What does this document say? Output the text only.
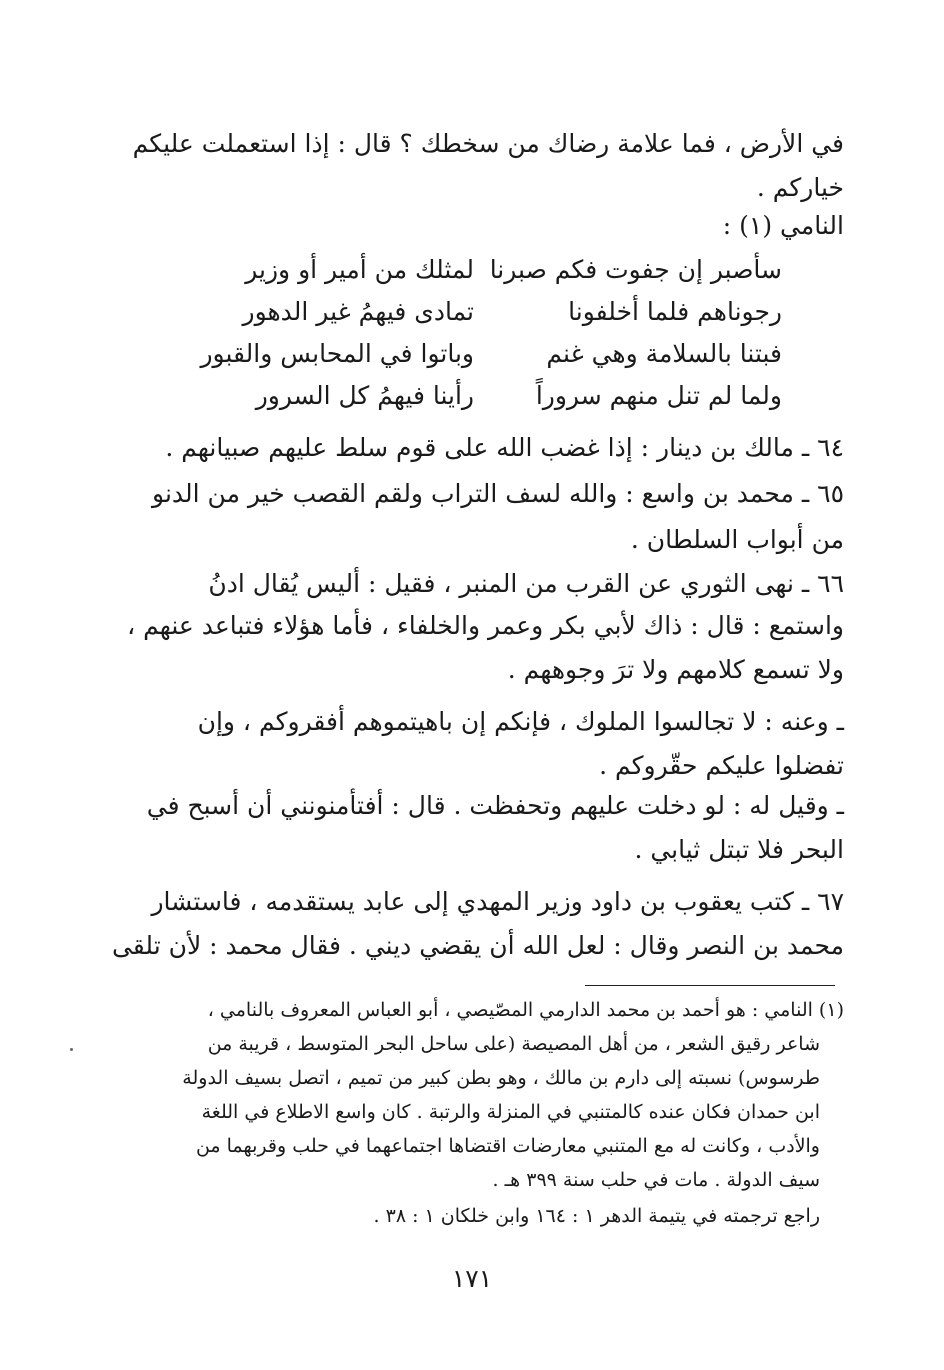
في الأرض ، فما علامة رضاك من سخطك ؟ قال : إذا استعملت عليكم
خياركم .
النامي (١) :
٦٤ ـ مالك بن دينار : إذا غضب الله على قوم سلط عليهم صبيانهم .
٦٥ ـ محمد بن واسع : والله لسف التراب ولقم القصب خير من الدنو
من أبواب السلطان .
٦٦ ـ نهى الثوري عن القرب من المنبر ، فقيل : أليس يُقال ادنُ
واستمع : قال : ذاك لأبي بكر وعمر والخلفاء ، فأما هؤلاء فتباعد عنهم ،
ولا تسمع كلامهم ولا ترَ وجوههم .
ـ وعنه : لا تجالسوا الملوك ، فإنكم إن باهيتموهم أفقروكم ، وإن
تفضلوا عليكم حقّروكم .
ـ وقيل له : لو دخلت عليهم وتحفظت . قال : أفتأمنونني أن أسبح في
البحر فلا تبتل ثيابي .
٦٧ ـ كتب يعقوب بن داود وزير المهدي إلى عابد يستقدمه ، فاستشار
محمد بن النصر وقال : لعل الله أن يقضي ديني . فقال محمد : لأن تلقى
سأصبر إن جفوت فكم صبرنا
لمثلك من أمير أو وزير
رجوناهم فلما أخلفونا
تمادى فيهمُ غير الدهور
فبتنا بالسلامة وهي غنم
وباتوا في المحابس والقبور
ولما لم تنل منهم سروراً
رأينا فيهمُ كل السرور
(١) النامي : هو أحمد بن محمد الدارمي المصّيصي ، أبو العباس المعروف بالنامي ،
شاعر رقيق الشعر ، من أهل المصيصة (على ساحل البحر المتوسط ، قريبة من
طرسوس) نسبته إلى دارم بن مالك ، وهو بطن كبير من تميم ، اتصل بسيف الدولة
ابن حمدان فكان عنده كالمتنبي في المنزلة والرتبة . كان واسع الاطلاع في اللغة
والأدب ، وكانت له مع المتنبي معارضات اقتضاها اجتماعهما في حلب وقربهما من
سيف الدولة . مات في حلب سنة ٣٩٩ هـ .
راجع ترجمته في يتيمة الدهر ١ : ١٦٤ وابن خلكان ١ : ٣٨ .
١٧١
